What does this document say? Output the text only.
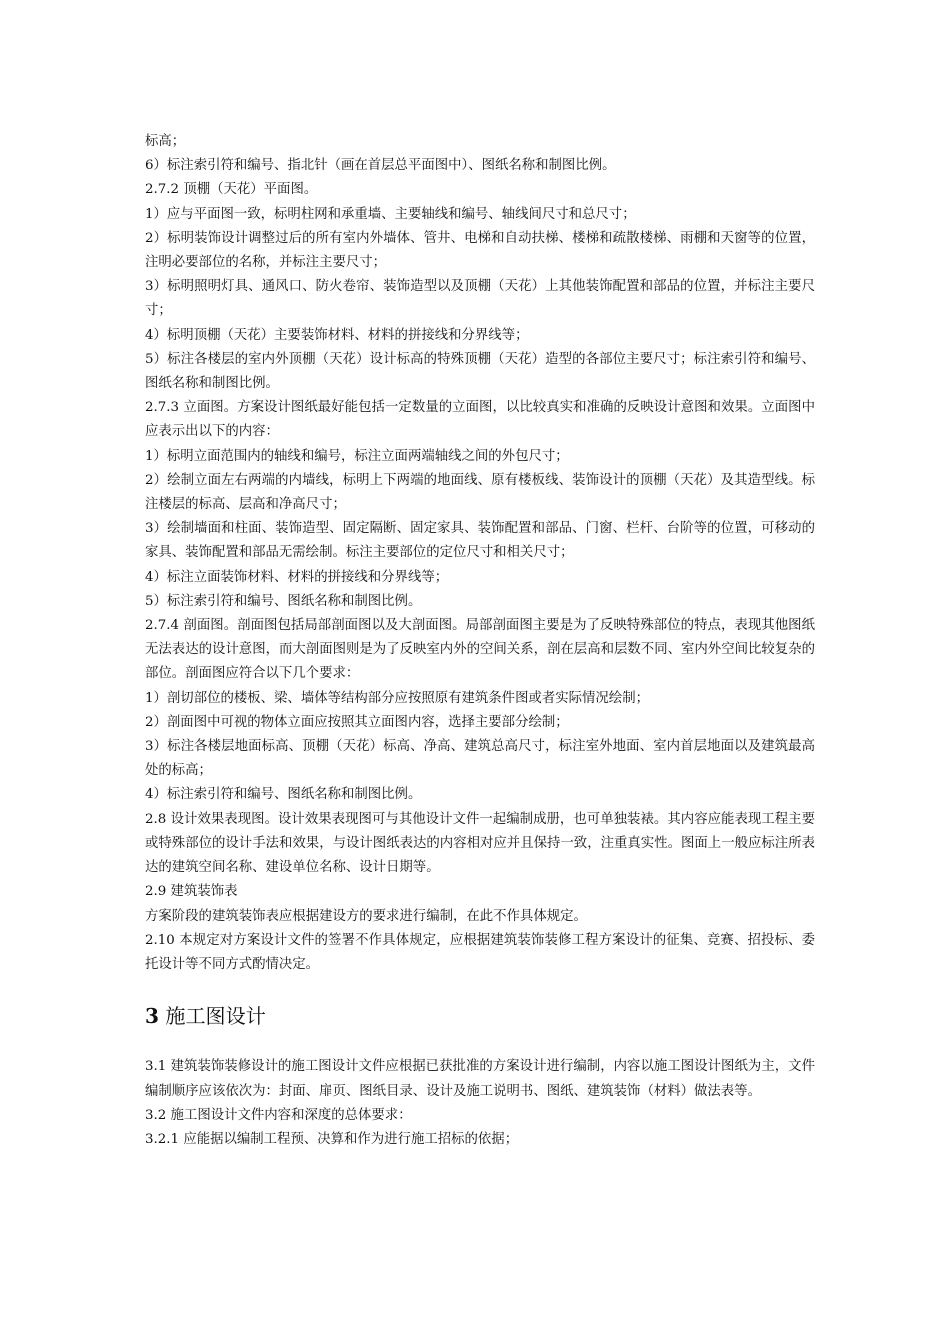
标高；

6）标注索引符和编号、指北针（画在首层总平面图中）、图纸名称和制图比例。

2.7.2 顶棚（天花）平面图。

1）应与平面图一致，标明柱网和承重墙、主要轴线和编号、轴线间尺寸和总尺寸；

2）标明装饰设计调整过后的所有室内外墙体、管井、电梯和自动扶梯、楼梯和疏散楼梯、雨棚和天窗等的位置，注明必要部位的名称，并标注主要尺寸；

3）标明照明灯具、通风口、防火卷帘、装饰造型以及顶棚（天花）上其他装饰配置和部品的位置，并标注主要尺寸；

4）标明顶棚（天花）主要装饰材料、材料的拼接线和分界线等；

5）标注各楼层的室内外顶棚（天花）设计标高的特殊顶棚（天花）造型的各部位主要尺寸；标注索引符和编号、图纸名称和制图比例。

2.7.3 立面图。方案设计图纸最好能包括一定数量的立面图，以比较真实和准确的反映设计意图和效果。立面图中应表示出以下的内容：

1）标明立面范围内的轴线和编号，标注立面两端轴线之间的外包尺寸；

2）绘制立面左右两端的内墙线，标明上下两端的地面线、原有楼板线、装饰设计的顶棚（天花）及其造型线。标注楼层的标高、层高和净高尺寸；

3）绘制墙面和柱面、装饰造型、固定隔断、固定家具、装饰配置和部品、门窗、栏杆、台阶等的位置，可移动的家具、装饰配置和部品无需绘制。标注主要部位的定位尺寸和相关尺寸；

4）标注立面装饰材料、材料的拼接线和分界线等；

5）标注索引符和编号、图纸名称和制图比例。

2.7.4 剖面图。剖面图包括局部剖面图以及大剖面图。局部剖面图主要是为了反映特殊部位的特点，表现其他图纸无法表达的设计意图，而大剖面图则是为了反映室内外的空间关系，剖在层高和层数不同、室内外空间比较复杂的部位。剖面图应符合以下几个要求：

1）剖切部位的楼板、梁、墙体等结构部分应按照原有建筑条件图或者实际情况绘制；

2）剖面图中可视的物体立面应按照其立面图内容，选择主要部分绘制；

3）标注各楼层地面标高、顶棚（天花）标高、净高、建筑总高尺寸，标注室外地面、室内首层地面以及建筑最高处的标高；

4）标注索引符和编号、图纸名称和制图比例。

2.8 设计效果表现图。设计效果表现图可与其他设计文件一起编制成册，也可单独装裱。其内容应能表现工程主要或特殊部位的设计手法和效果，与设计图纸表达的内容相对应并且保持一致，注重真实性。图面上一般应标注所表达的建筑空间名称、建设单位名称、设计日期等。

2.9 建筑装饰表

方案阶段的建筑装饰表应根据建设方的要求进行编制，在此不作具体规定。

2.10 本规定对方案设计文件的签署不作具体规定，应根据建筑装饰装修工程方案设计的征集、竞赛、招投标、委托设计等不同方式酌情决定。

3 施工图设计

3.1 建筑装饰装修设计的施工图设计文件应根据已获批准的方案设计进行编制，内容以施工图设计图纸为主，文件编制顺序应该依次为：封面、扉页、图纸目录、设计及施工说明书、图纸、建筑装饰（材料）做法表等。

3.2 施工图设计文件内容和深度的总体要求：

3.2.1 应能据以编制工程预、决算和作为进行施工招标的依据；
